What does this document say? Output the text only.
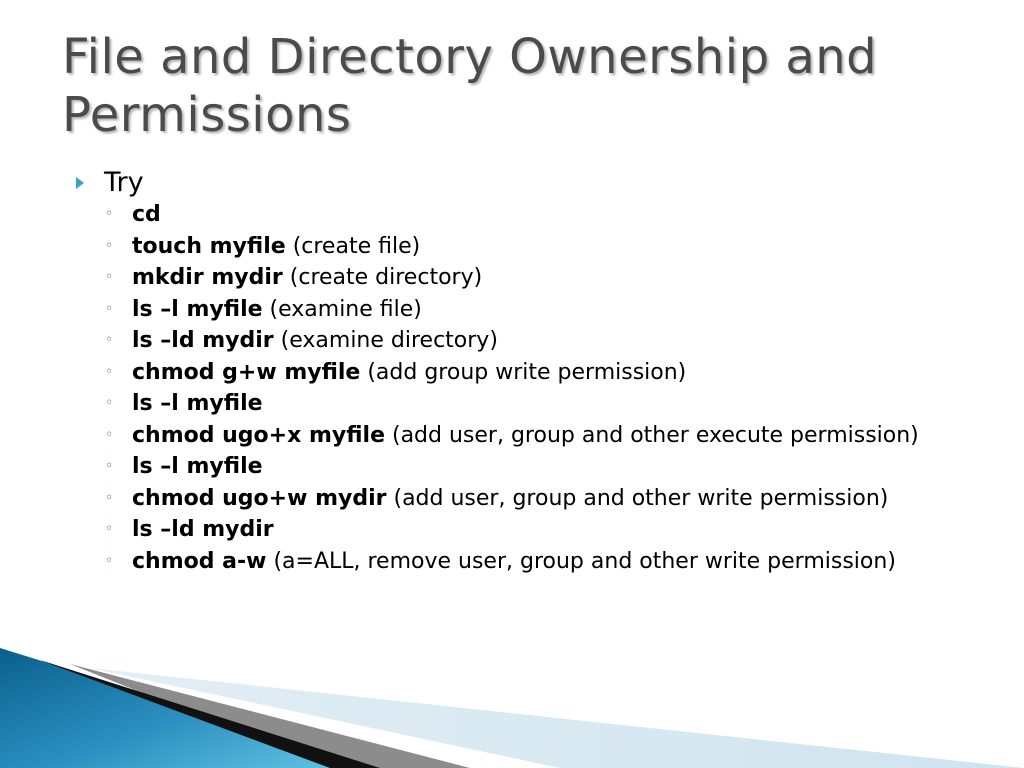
File and Directory Ownership and Permissions
Try
◦ cd
◦ touch myfile (create file)
◦ mkdir mydir (create directory)
◦ ls –l myfile (examine file)
◦ ls –ld mydir (examine directory)
◦ chmod g+w myfile (add group write permission)
◦ ls –l myfile
◦ chmod ugo+x myfile (add user, group and other execute permission)
◦ ls –l myfile
◦ chmod ugo+w mydir (add user, group and other write permission)
◦ ls –ld mydir
◦ chmod a-w (a=ALL, remove user, group and other write permission)
